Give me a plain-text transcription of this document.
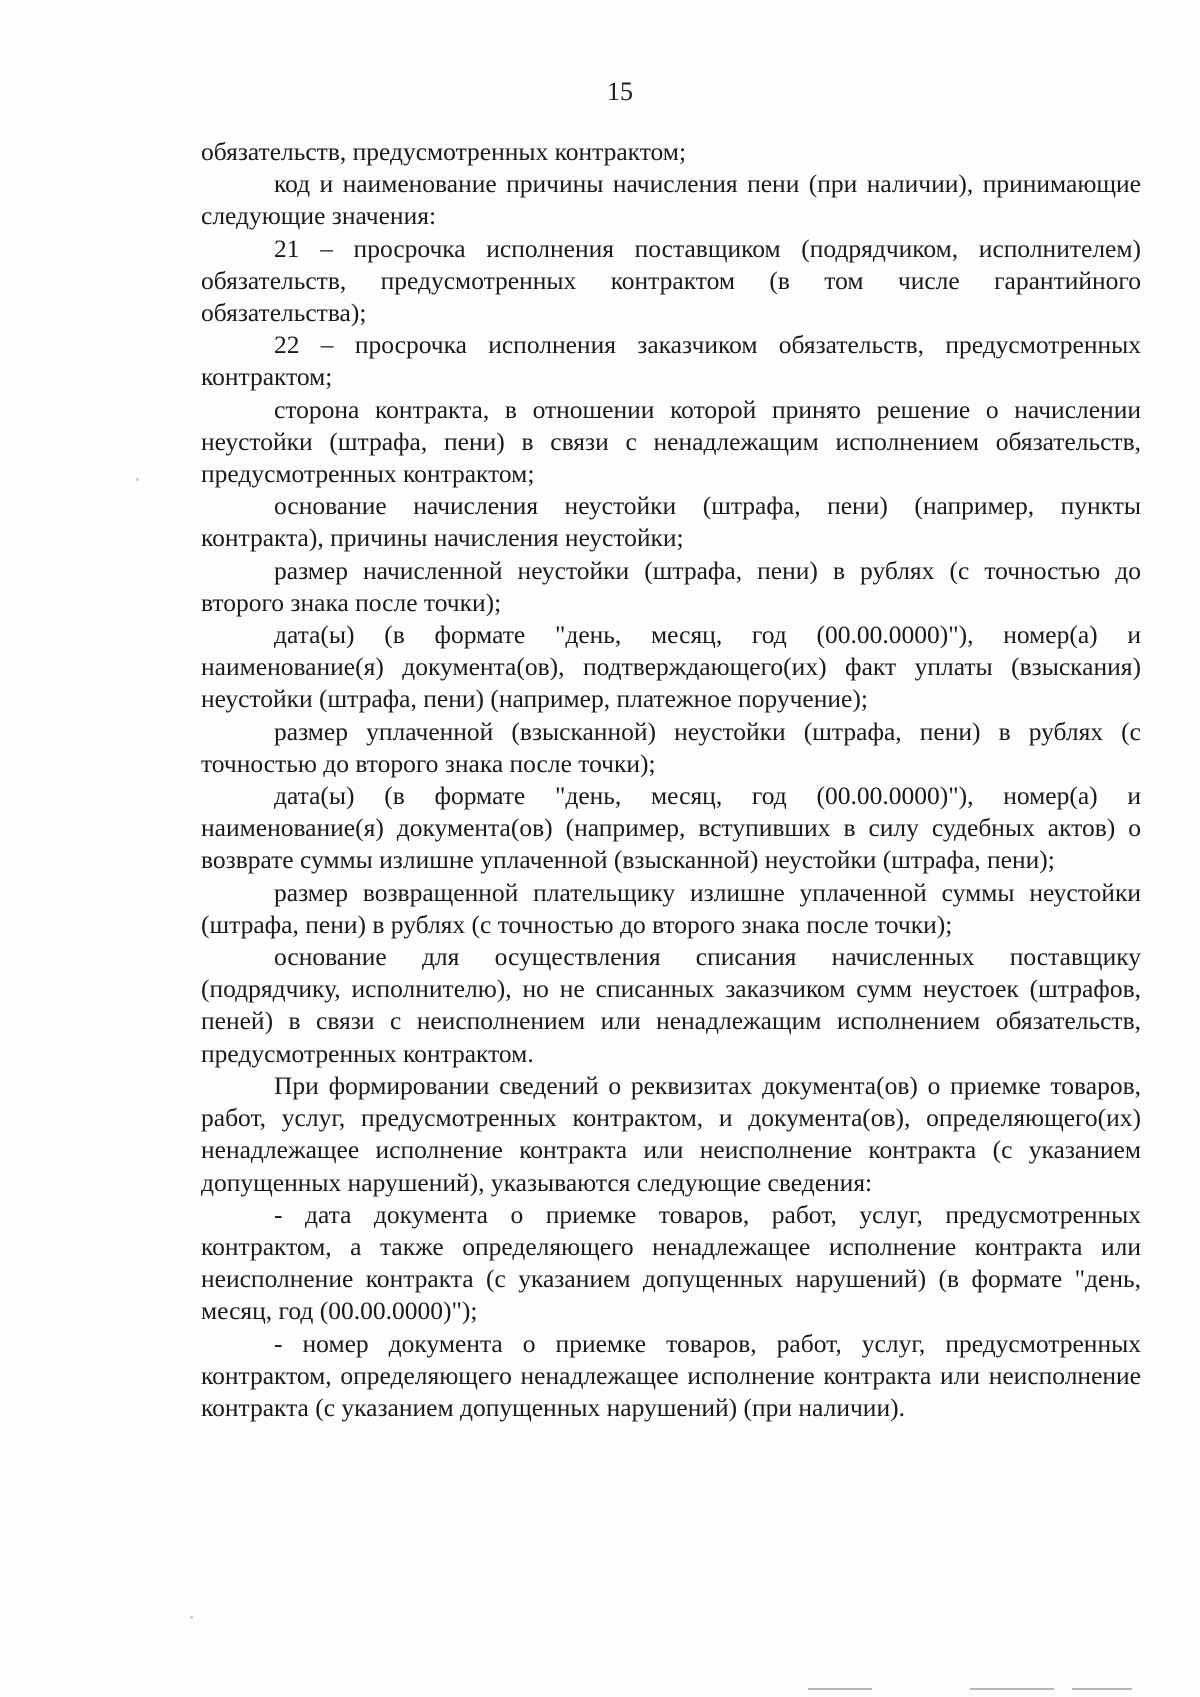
15

обязательств, предусмотренных контрактом;

код и наименование причины начисления пени (при наличии), принимающие следующие значения:

21 – просрочка исполнения поставщиком (подрядчиком, исполнителем) обязательств, предусмотренных контрактом (в том числе гарантийного обязательства);

22 – просрочка исполнения заказчиком обязательств, предусмотренных контрактом;

сторона контракта, в отношении которой принято решение о начислении неустойки (штрафа, пени) в связи с ненадлежащим исполнением обязательств, предусмотренных контрактом;

основание начисления неустойки (штрафа, пени) (например, пункты контракта), причины начисления неустойки;

размер начисленной неустойки (штрафа, пени) в рублях (с точностью до второго знака после точки);

дата(ы) (в формате "день, месяц, год (00.00.0000)"), номер(а) и наименование(я) документа(ов), подтверждающего(их) факт уплаты (взыскания) неустойки (штрафа, пени) (например, платежное поручение);

размер уплаченной (взысканной) неустойки (штрафа, пени) в рублях (с точностью до второго знака после точки);

дата(ы) (в формате "день, месяц, год (00.00.0000)"), номер(а) и наименование(я) документа(ов) (например, вступивших в силу судебных актов) о возврате суммы излишне уплаченной (взысканной) неустойки (штрафа, пени);

размер возвращенной плательщику излишне уплаченной суммы неустойки (штрафа, пени) в рублях (с точностью до второго знака после точки);

основание для осуществления списания начисленных поставщику (подрядчику, исполнителю), но не списанных заказчиком сумм неустоек (штрафов, пеней) в связи с неисполнением или ненадлежащим исполнением обязательств, предусмотренных контрактом.

При формировании сведений о реквизитах документа(ов) о приемке товаров, работ, услуг, предусмотренных контрактом, и документа(ов), определяющего(их) ненадлежащее исполнение контракта или неисполнение контракта (с указанием допущенных нарушений), указываются следующие сведения:

- дата документа о приемке товаров, работ, услуг, предусмотренных контрактом, а также определяющего ненадлежащее исполнение контракта или неисполнение контракта (с указанием допущенных нарушений) (в формате "день, месяц, год (00.00.0000)");

- номер документа о приемке товаров, работ, услуг, предусмотренных контрактом, определяющего ненадлежащее исполнение контракта или неисполнение контракта (с указанием допущенных нарушений) (при наличии).
